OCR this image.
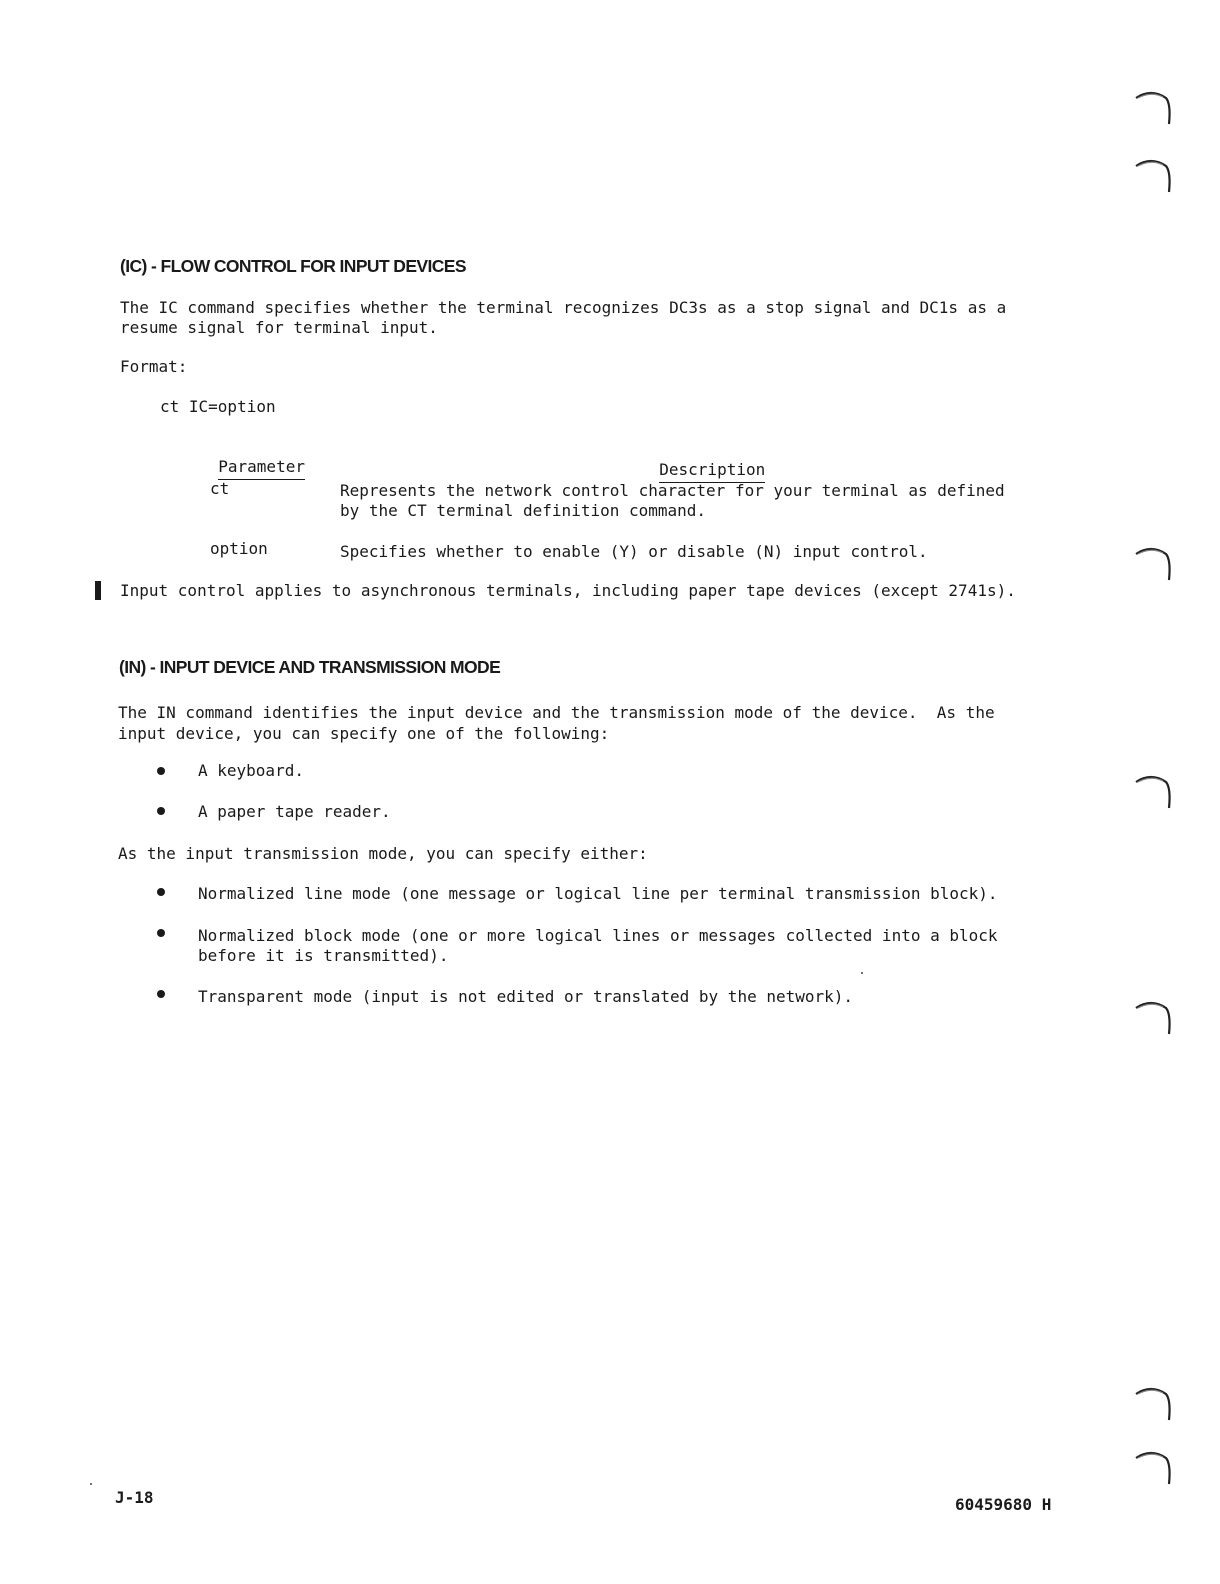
(IC) - FLOW CONTROL FOR INPUT DEVICES
The IC command specifies whether the terminal recognizes DC3s as a stop signal and DC1s as a
resume signal for terminal input.
Format:
ct IC=option

Parameter	Description

ct	Represents the network control character for your terminal as defined
by the CT terminal definition command.
option	Specifies whether to enable (Y) or disable (N) input control.
Input control applies to asynchronous terminals, including paper tape devices (except 2741s).
(IN) - INPUT DEVICE AND TRANSMISSION MODE
The IN command identifies the input device and the transmission mode of the device.  As the
input device, you can specify one of the following:
A keyboard.
A paper tape reader.
As the input transmission mode, you can specify either:
Normalized line mode (one message or logical line per terminal transmission block).
Normalized block mode (one or more logical lines or messages collected into a block
before it is transmitted).
Transparent mode (input is not edited or translated by the network).
J-18	60459680 H
